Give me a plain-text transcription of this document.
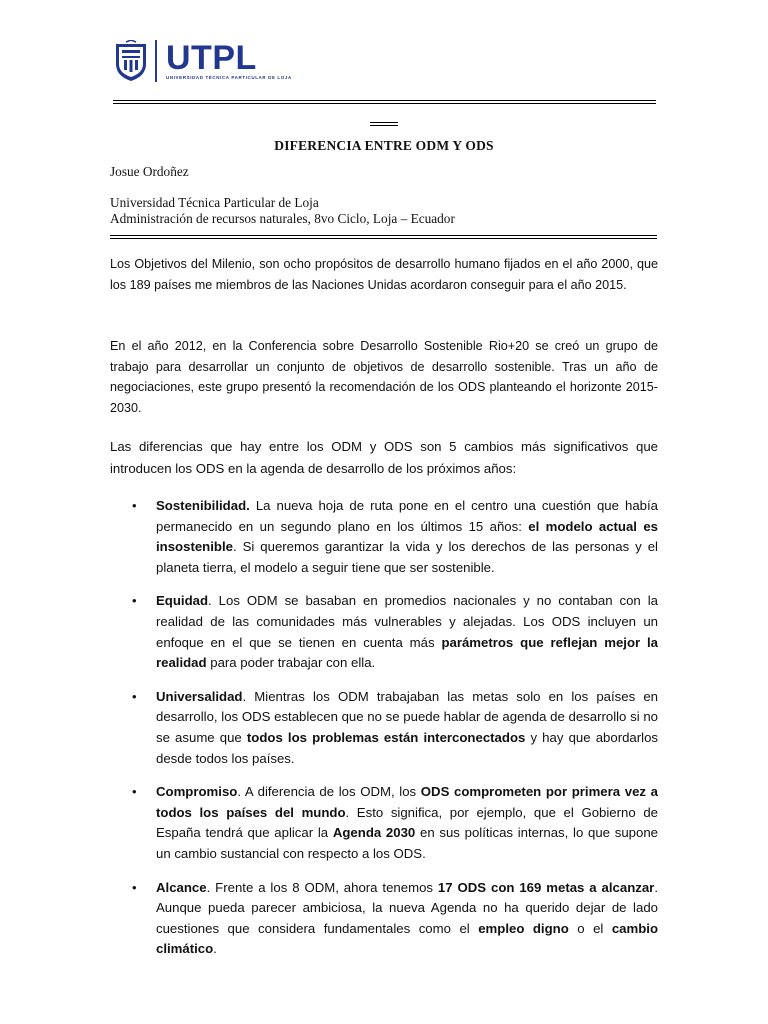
UTPL
UNIVERSIDAD TÉCNICA PARTICULAR DE LOJA
DIFERENCIA ENTRE ODM Y ODS
Josue Ordoñez
Universidad Técnica Particular de Loja
Administración de recursos naturales, 8vo Ciclo, Loja – Ecuador
Los Objetivos del Milenio, son ocho propósitos de desarrollo humano fijados en el año 2000, que los 189 países me miembros de las Naciones Unidas acordaron conseguir para el año 2015.
En el año 2012, en la Conferencia sobre Desarrollo Sostenible Rio+20 se creó un grupo de trabajo para desarrollar un conjunto de objetivos de desarrollo sostenible. Tras un año de negociaciones, este grupo presentó la recomendación de los ODS planteando el horizonte 2015-2030.
Las diferencias que hay entre los ODM y ODS son 5 cambios más significativos que introducen los ODS en la agenda de desarrollo de los próximos años:
• Sostenibilidad. La nueva hoja de ruta pone en el centro una cuestión que había permanecido en un segundo plano en los últimos 15 años: el modelo actual es insostenible. Si queremos garantizar la vida y los derechos de las personas y el planeta tierra, el modelo a seguir tiene que ser sostenible.
• Equidad. Los ODM se basaban en promedios nacionales y no contaban con la realidad de las comunidades más vulnerables y alejadas. Los ODS incluyen un enfoque en el que se tienen en cuenta más parámetros que reflejan mejor la realidad para poder trabajar con ella.
• Universalidad. Mientras los ODM trabajaban las metas solo en los países en desarrollo, los ODS establecen que no se puede hablar de agenda de desarrollo si no se asume que todos los problemas están interconectados y hay que abordarlos desde todos los países.
• Compromiso. A diferencia de los ODM, los ODS comprometen por primera vez a todos los países del mundo. Esto significa, por ejemplo, que el Gobierno de España tendrá que aplicar la Agenda 2030 en sus políticas internas, lo que supone un cambio sustancial con respecto a los ODS.
• Alcance. Frente a los 8 ODM, ahora tenemos 17 ODS con 169 metas a alcanzar. Aunque pueda parecer ambiciosa, la nueva Agenda no ha querido dejar de lado cuestiones que considera fundamentales como el empleo digno o el cambio climático.
